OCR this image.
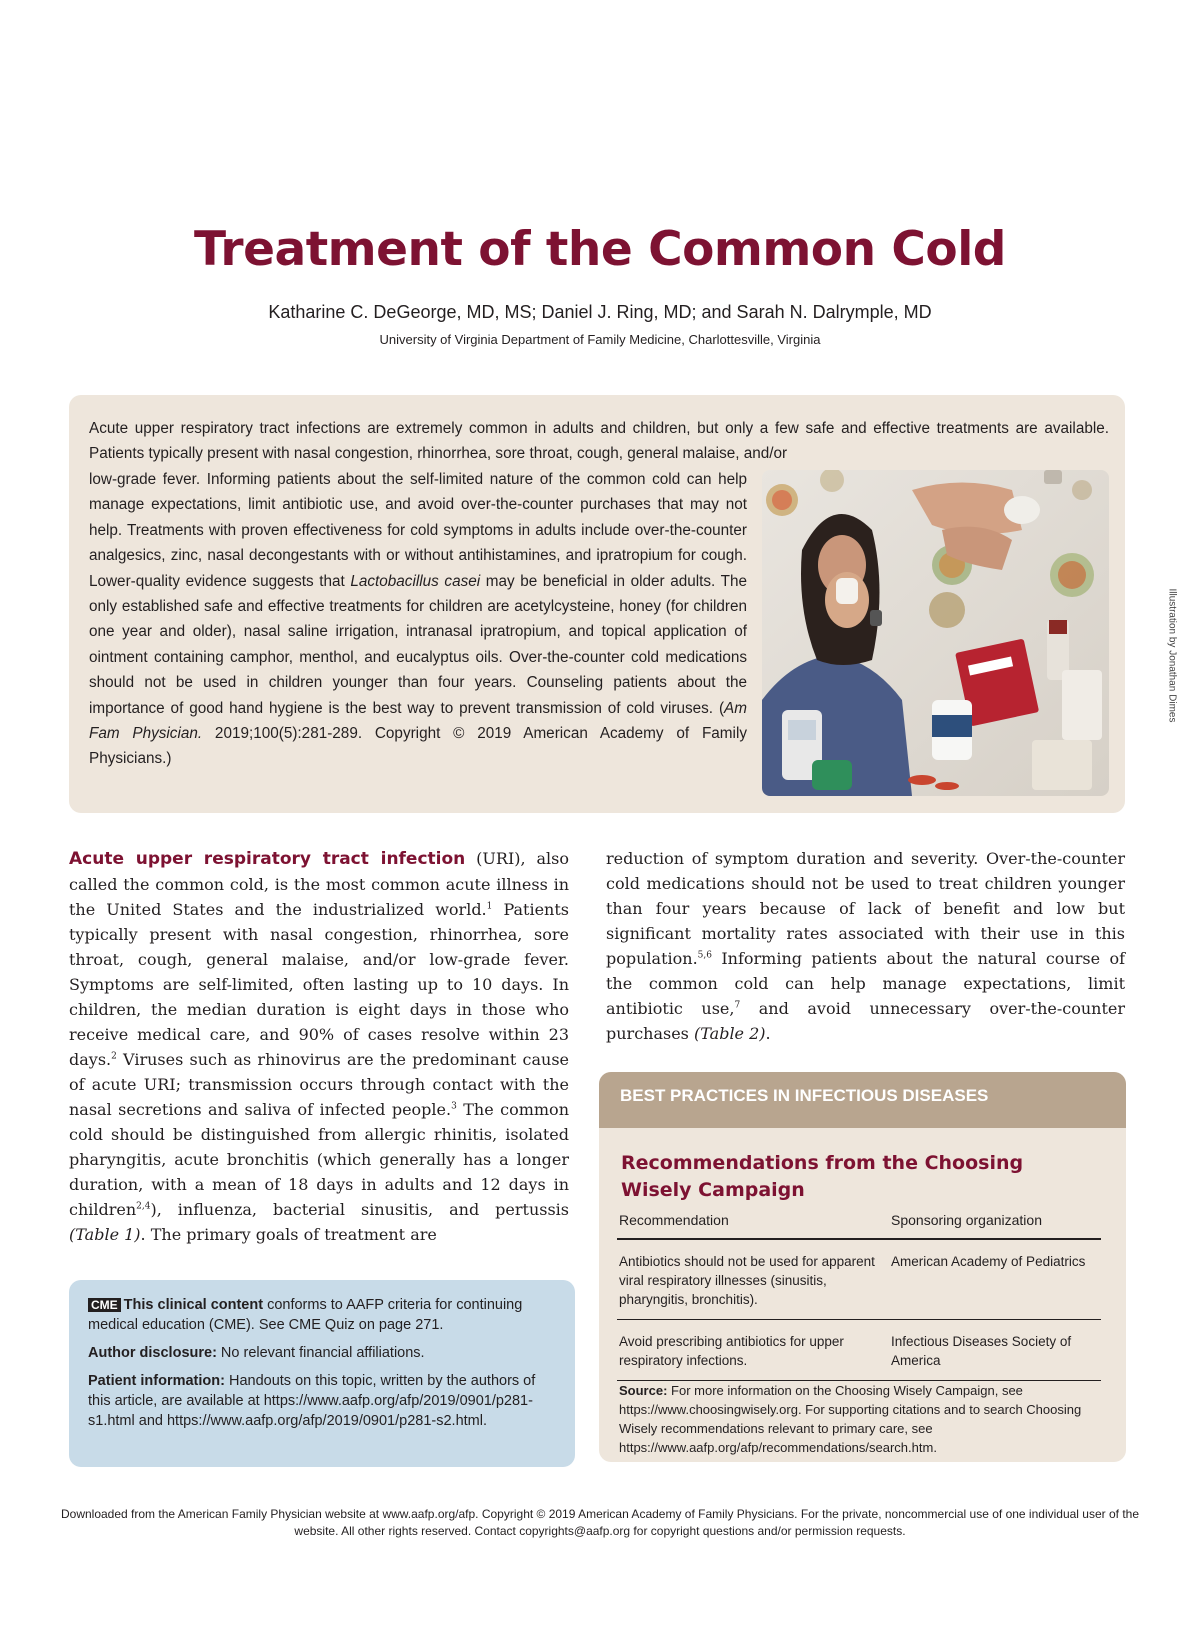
Treatment of the Common Cold
Katharine C. DeGeorge, MD, MS; Daniel J. Ring, MD; and Sarah N. Dalrymple, MD
University of Virginia Department of Family Medicine, Charlottesville, Virginia
Acute upper respiratory tract infections are extremely common in adults and children, but only a few safe and effective treatments are available. Patients typically present with nasal congestion, rhinorrhea, sore throat, cough, general malaise, and/or
low-grade fever. Informing patients about the self-limited nature of the common cold can help manage expectations, limit antibiotic use, and avoid over-the-counter purchases that may not help. Treatments with proven effectiveness for cold symptoms in adults include over-the-counter analgesics, zinc, nasal decongestants with or without antihistamines, and ipratropium for cough. Lower-quality evidence suggests that Lactobacillus casei may be beneficial in older adults. The only established safe and effective treatments for children are acetylcysteine, honey (for children one year and older), nasal saline irrigation, intranasal ipratropium, and topical application of ointment containing camphor, menthol, and eucalyptus oils. Over-the-counter cold medications should not be used in children younger than four years. Counseling patients about the importance of good hand hygiene is the best way to prevent transmission of cold viruses. (Am Fam Physician. 2019;100(5):281-289. Copyright © 2019 American Academy of Family Physicians.)
Illustration by Jonathan Dimes
Acute upper respiratory tract infection (URI), also called the common cold, is the most common acute illness in the United States and the industrialized world.$^1$ Patients typically present with nasal congestion, rhinorrhea, sore throat, cough, general malaise, and/or low-grade fever. Symptoms are self-limited, often lasting up to 10 days. In children, the median duration is eight days in those who receive medical care, and 90% of cases resolve within 23 days.$^2$ Viruses such as rhinovirus are the predominant cause of acute URI; transmission occurs through contact with the nasal secretions and saliva of infected people.$^3$ The common cold should be distinguished from allergic rhinitis, isolated pharyngitis, acute bronchitis (which generally has a longer duration, with a mean of 18 days in adults and 12 days in children$^{2,4}$), influenza, bacterial sinusitis, and pertussis (Table 1). The primary goals of treatment are
reduction of symptom duration and severity. Over-the-counter cold medications should not be used to treat children younger than four years because of lack of benefit and low but significant mortality rates associated with their use in this population.$^{5,6}$ Informing patients about the natural course of the common cold can help manage expectations, limit antibiotic use,$^7$ and avoid unnecessary over-the-counter purchases (Table 2).

CME This clinical content conforms to AAFP criteria for continuing medical education (CME). See CME Quiz on page 271.

Author disclosure: No relevant financial affiliations.

Patient information: Handouts on this topic, written by the authors of this article, are available at https://www.aafp.org/afp/2019/0901/p281-s1.html and https://www.aafp.org/afp/2019/0901/p281-s2.html.

BEST PRACTICES IN INFECTIOUS DISEASES
Recommendations from the Choosing Wisely Campaign
Recommendation	Sponsoring organization
Antibiotics should not be used for apparent viral respiratory illnesses (sinusitis, pharyngitis, bronchitis).	American Academy of Pediatrics
Avoid prescribing antibiotics for upper respiratory infections.	Infectious Diseases Society of America
Source: For more information on the Choosing Wisely Campaign, see https://www.choosingwisely.org. For supporting citations and to search Choosing Wisely recommendations relevant to primary care, see https://www.aafp.org/afp/recommendations/search.htm.
Downloaded from the American Family Physician website at www.aafp.org/afp. Copyright © 2019 American Academy of Family Physicians. For the private, noncommercial use of one individual user of the website. All other rights reserved. Contact copyrights@aafp.org for copyright questions and/or permission requests.
